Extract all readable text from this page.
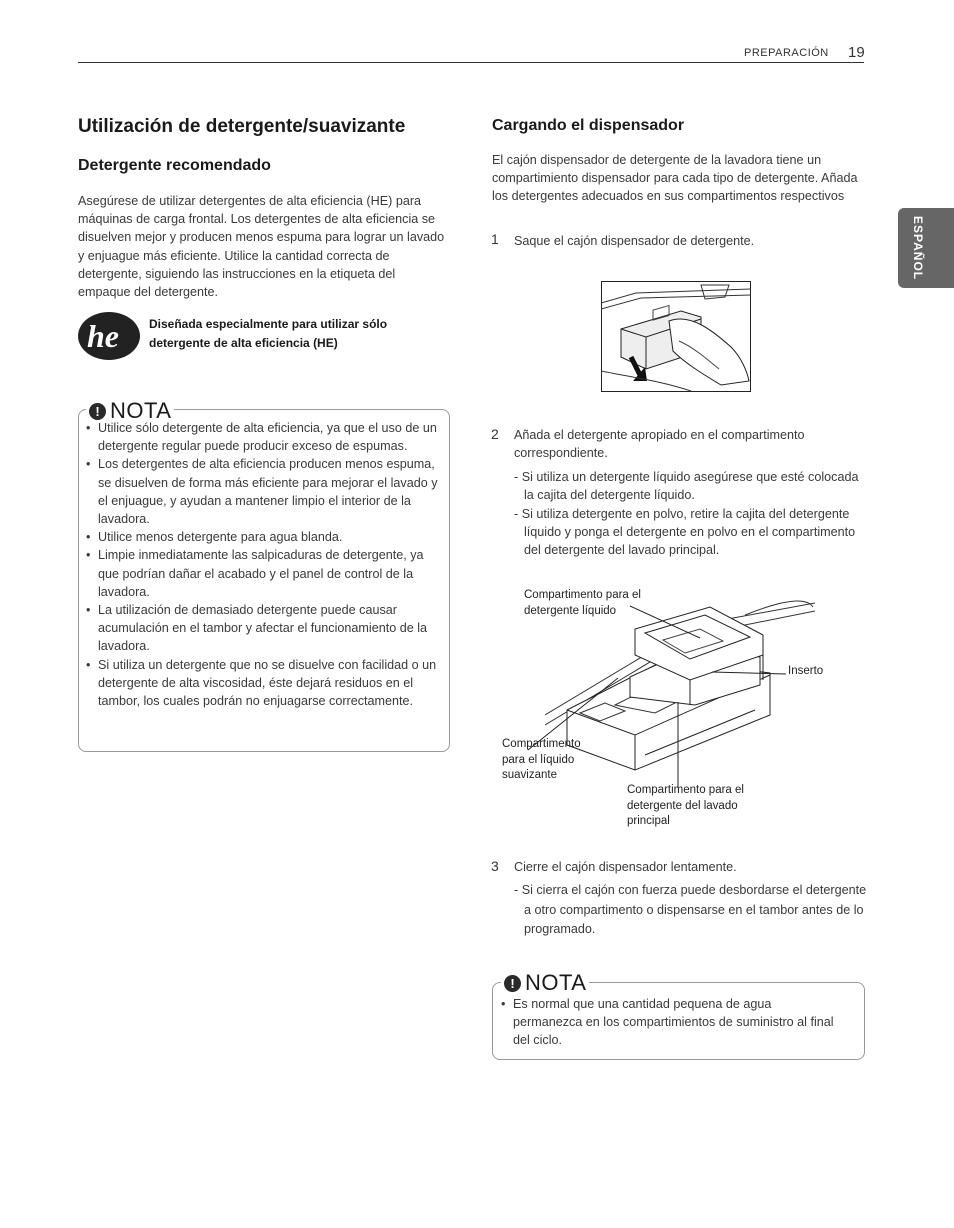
PREPARACIÓN 19
ESPAÑOL
Utilización de detergente/suavizante
Detergente recomendado

Asegúrese de utilizar detergentes de alta eficiencia (HE) para máquinas de carga frontal. Los detergentes de alta eficiencia se disuelven mejor y producen menos espuma para lograr un lavado y enjuague más eficiente. Utilice la cantidad correcta de detergente, siguiendo las instrucciones en la etiqueta del empaque del detergente.

he	Diseñada especialmente para utilizar sólo detergente de alta eficiencia (HE)
! NOTA
• Utilice sólo detergente de alta eficiencia, ya que el uso de un detergente regular puede producir exceso de espumas.
• Los detergentes de alta eficiencia producen menos espuma, se disuelven de forma más eficiente para mejorar el lavado y el enjuague, y ayudan a mantener limpio el interior de la lavadora.
• Utilice menos detergente para agua blanda.
• Limpie inmediatamente las salpicaduras de detergente, ya que podrían dañar el acabado y el panel de control de la lavadora.
• La utilización de demasiado detergente puede causar acumulación en el tambor y afectar el funcionamiento de la lavadora.
• Si utiliza un detergente que no se disuelve con facilidad o un detergente de alta viscosidad, éste dejará residuos en el tambor, los cuales podrán no enjuagarse correctamente.
Cargando el dispensador

El cajón dispensador de detergente de la lavadora tiene un compartimiento dispensador para cada tipo de detergente. Añada los detergentes adecuados en sus compartimentos respectivos

1 Saque el cajón dispensador de detergente.
2 Añada el detergente apropiado en el compartimento correspondiente.
- Si utiliza un detergente líquido asegúrese que esté colocada la cajita del detergente líquido.
- Si utiliza detergente en polvo, retire la cajita del detergente líquido y ponga el detergente en polvo en el compartimento del detergente del lavado principal.
Compartimento para el detergente líquido
Inserto
Compartimento para el líquido suavizante
Compartimento para el detergente del lavado principal
3 Cierre el cajón dispensador lentamente.
- Si cierra el cajón con fuerza puede desbordarse el detergente a otro compartimento o dispensarse en el tambor antes de lo programado.
! NOTA
• Es normal que una cantidad pequena de agua permanezca en los compartimientos de suministro al final del ciclo.
